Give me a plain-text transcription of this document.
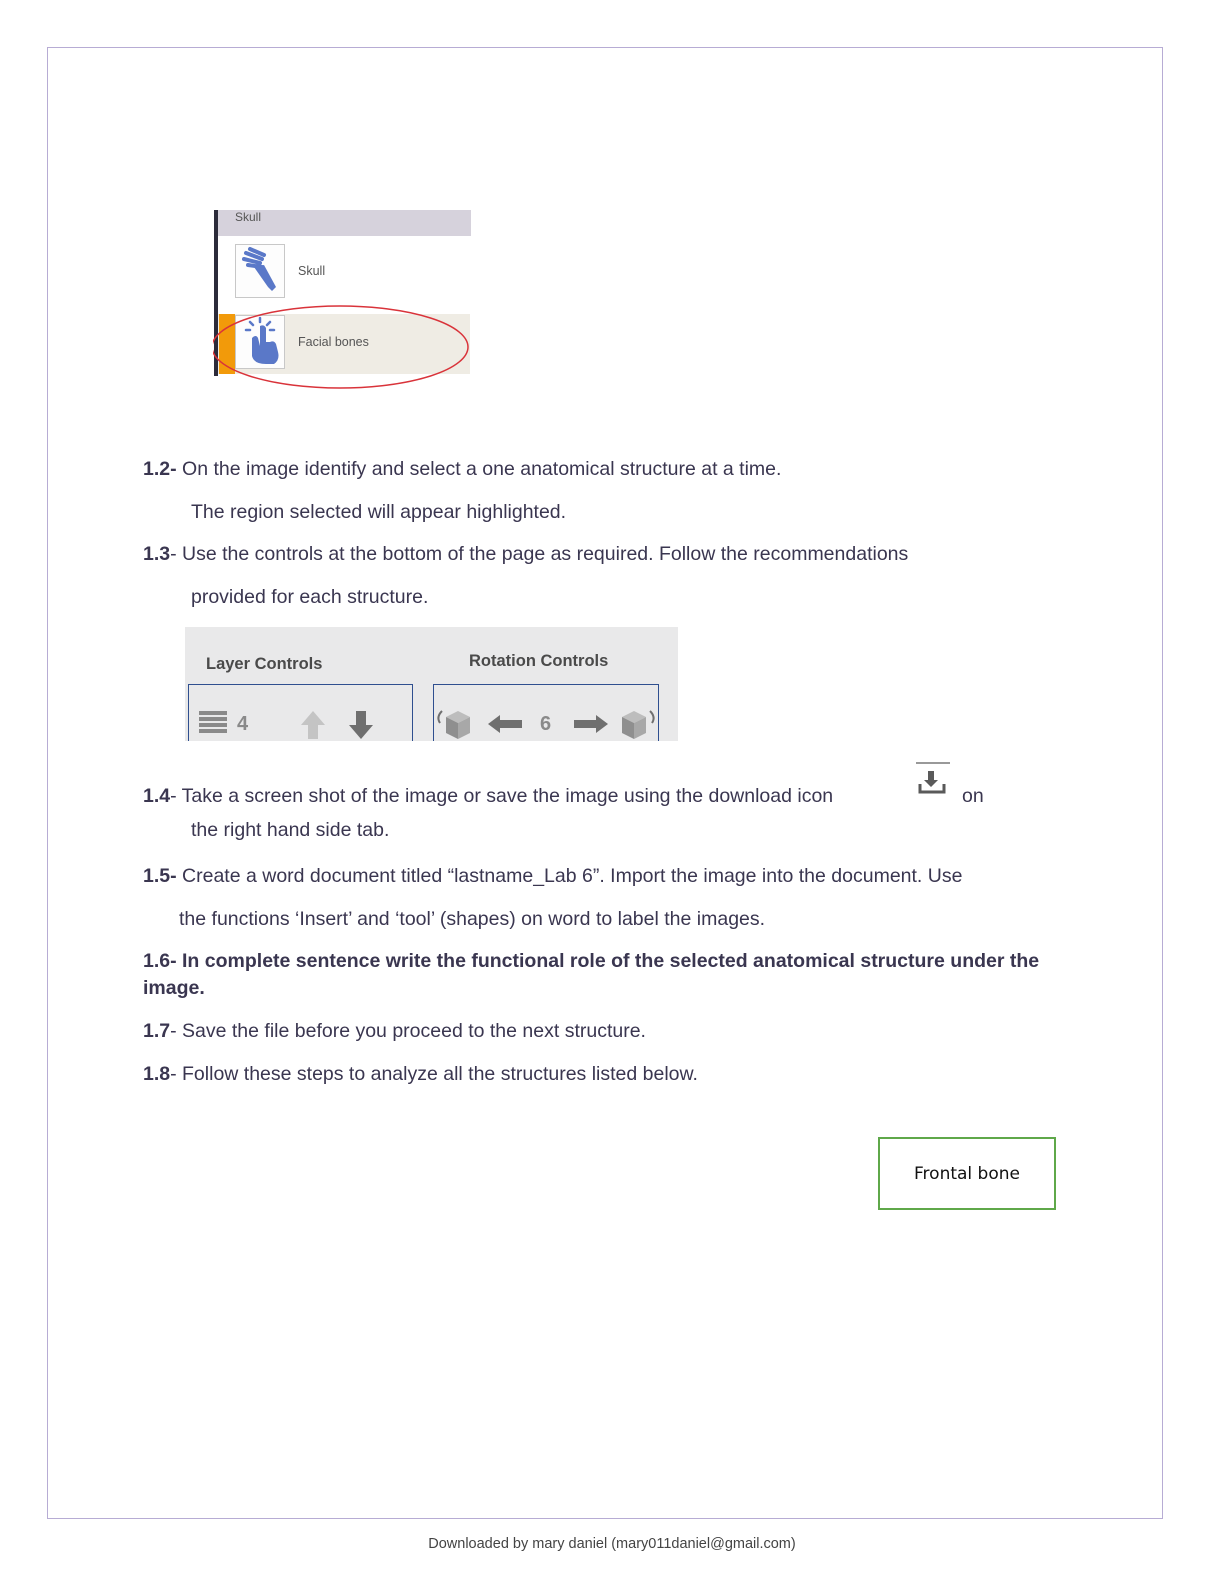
Skull
Skull
Facial bones
1.2- On the image identify and select a one anatomical structure at a time.
The region selected will appear highlighted.
1.3- Use the controls at the bottom of the page as required. Follow the recommendations
provided for each structure.
Layer Controls	Rotation Controls
4	6
1.4- Take a screen shot of the image or save the image using the download icon	on
the right hand side tab.
1.5- Create a word document titled “lastname_Lab 6”. Import the image into the document. Use
the functions ‘Insert’ and ‘tool’ (shapes) on word to label the images.
1.6- In complete sentence write the functional role of the selected anatomical structure under the image.
1.7- Save the file before you proceed to the next structure.
1.8- Follow these steps to analyze all the structures listed below.
Frontal bone
Downloaded by mary daniel (mary011daniel@gmail.com)
